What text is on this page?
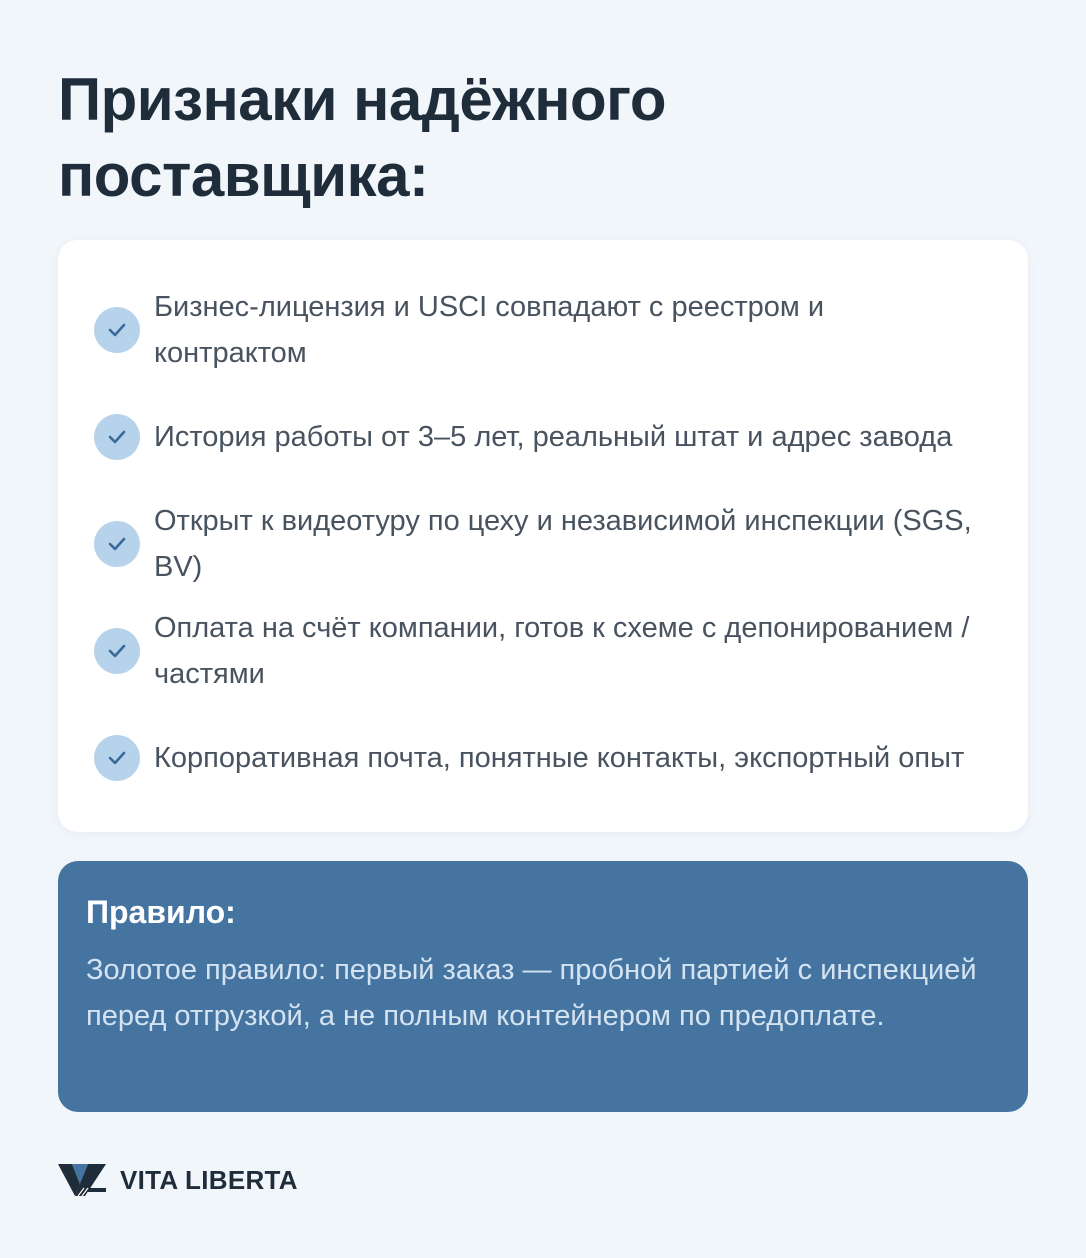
Признаки надёжного поставщика:
Бизнес-лицензия и USCI совпадают с реестром и контрактом
История работы от 3–5 лет, реальный штат и адрес завода
Открыт к видеотуру по цеху и независимой инспекции (SGS, BV)
Оплата на счёт компании, готов к схеме с депонированием / частями
Корпоративная почта, понятные контакты, экспортный опыт
Правило:
Золотое правило: первый заказ — пробной партией с инспекцией перед отгрузкой, а не полным контейнером по предоплате.
VITA LIBERTA
